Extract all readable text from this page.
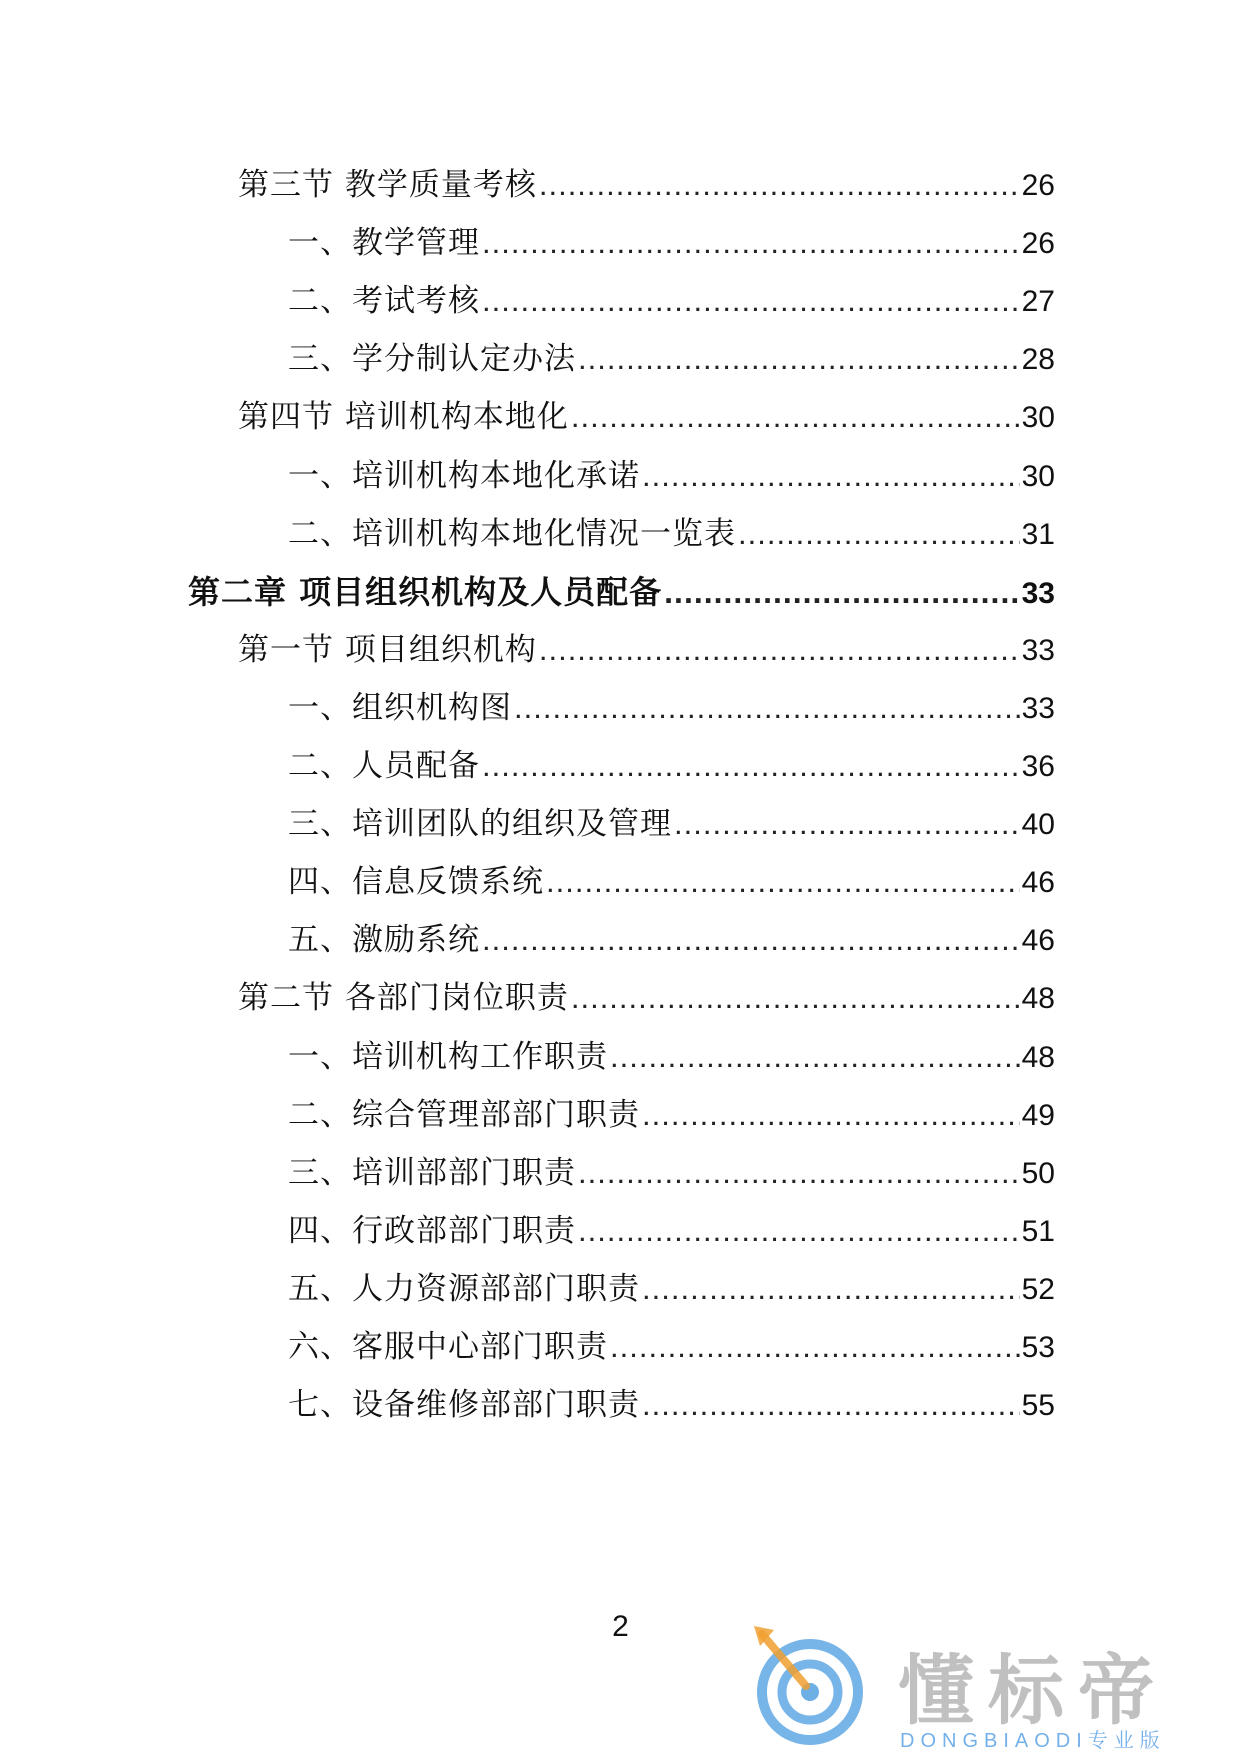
第三节 教学质量考核 .....	26
一、教学管理 .....	26
二、考试考核 .....	27
三、学分制认定办法 .....	28
第四节 培训机构本地化 .....	30
一、培训机构本地化承诺 .....	30
二、培训机构本地化情况一览表 .....	31
第二章 项目组织机构及人员配备 .....	33
第一节 项目组织机构 .....	33
一、组织机构图 .....	33
二、人员配备 .....	36
三、培训团队的组织及管理 .....	40
四、信息反馈系统 .....	46
五、激励系统 .....	46
第二节 各部门岗位职责 .....	48
一、培训机构工作职责 .....	48
二、综合管理部部门职责 .....	49
三、培训部部门职责 .....	50
四、行政部部门职责 .....	51
五、人力资源部部门职责 .....	52
六、客服中心部门职责 .....	53
七、设备维修部部门职责 .....	55
2
懂标帝
DONGBIAODI专业版
